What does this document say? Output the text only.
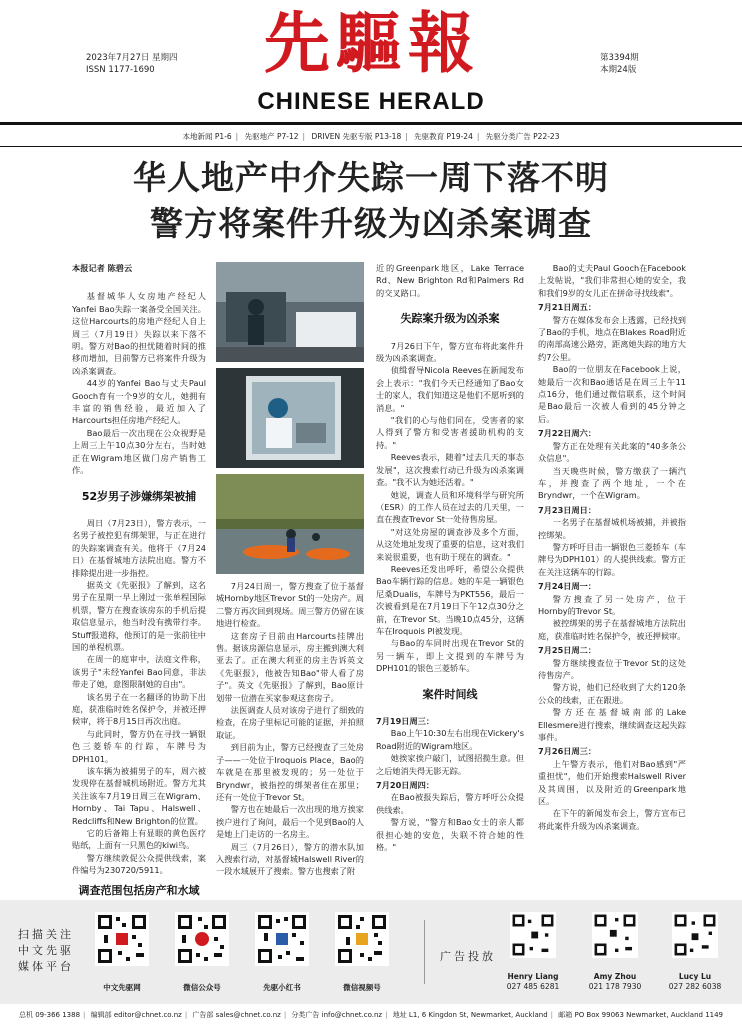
2023年7月27日 星期四
ISSN 1177-1690	先驅報
CHINESE HERALD
第3394期
本期24版
本地新闻 P1-6 | 先驱地产 P7-12 | DRIVEN 先驱专版 P13-18 | 先驱教育 P19-24 | 先驱分类广告 P22-23
华人地产中介失踪一周下落不明
警方将案件升级为凶杀案调查

本报记者 陈碧云

基督城华人女房地产经纪人Yanfei Bao失踪一案备受全国关注。这位Harcourts的房地产经纪人自上周三（7月19日）失踪以来下落不明。警方对Bao的担忧随着时间的推移而增加，目前警方已将案件升级为凶杀案调查。

44岁的Yanfei Bao与丈夫Paul Gooch育有一个9岁的女儿，她拥有丰富的销售经验，最近加入了Harcourts担任房地产经纪人。

Bao最后一次出现在公众视野是上周三上午10点30分左右，当时她正在Wigram地区做门房产销售工作。

52岁男子涉嫌绑架被捕

周日（7月23日），警方表示，一名男子被控犯有绑架罪，与正在进行的失踪案调查有关。他将于（7月24日）在基督城地方法院出庭。警方不排除提出进一步指控。

据英文《先驱报》了解到，这名男子在星期一早上刚过一张单程国际机票，警方在搜查该房东的手机后提取信息显示，他当时没有携带行李。Stuff报道称，他预订的是一张前往中国的单程机票。

在周一的庭审中，法庭文件称，该男子"未经Yanfei Bao同意，非法带走了她，意图限制她的自由"。

该名男子在一名翻译的协助下出庭，获准临时姓名保护令，并被还押候审，将于8月15日再次出庭。

与此同时，警方仍在寻找一辆银色三菱轿车的行踪，车牌号为DPH101。

该车辆为被捕男子的车，周六被发现停在基督城机场附近。警方尤其关注该车7月19日周三在Wigram、Hornby、Tai Tapu、Halswell、Redcliffs和New Brighton的位置。

它的后备箱上有显眼的黄色医疗贴纸，上面有一只黑色的kiwi鸟。

警方继续敦促公众提供线索，案件编号为230720/5911。

调查范围包括房产和水域

7月24日周一，警方搜查了位于基督城Hornby地区Trevor St的一处房产。周二警方再次回到现场。周三警方仍留在该地进行检查。

这套房子目前由Harcourts挂牌出售。据该房源信息显示，房主搬到澳大利亚去了。正在澳大利亚的房主告诉英文《先驱报》，他被告知Bao"带人看了房子"。英文《先驱报》了解到，Bao原计划带一位潜在买家参观这套房子。

法医调查人员对该房子进行了细致的检查，在房子里标记可能的证据，并拍照取证。

到目前为止，警方已经搜查了三处房子——一处位于Iroquois Place，Bao的车就是在那里被发现的；另一处位于Bryndwr，被指控的绑架者住在那里；还有一处位于Trevor St。

警方也在她最后一次出现的地方挨家挨户进行了询问，最后一个见到Bao的人是她上门走访的一名房主。

周三（7月26日），警方的潜水队加入搜索行动，对基督城Halswell River的一段水域展开了搜索。警方也搜索了附

近的Greenpark地区，Lake Terrace Rd、New Brighton Rd和Palmers Rd的交叉路口。

失踪案升级为凶杀案

7月26日下午，警方宣布将此案件升级为凶杀案调查。

侦缉督导Nicola Reeves在新闻发布会上表示："我们今天已经通知了Bao女士的家人，我们知道这是他们不愿听到的消息。"

"我们的心与他们同在，受害者的家人得到了警方和受害者援助机构的支持。"

Reeves表示，随着"过去几天的事态发展"，这次搜索行动已升级为凶杀案调查。"我不认为她还活着。"

她说，调查人员和环境科学与研究所（ESR）的工作人员在过去的几天里，一直在搜查Trevor St一处待售房屋。

"对这处房屋的调查涉及多个方面，从这处地址发现了重要的信息，这对我们来说很重要，也有助于现在的调查。"

Reeves还发出呼吁，希望公众提供Bao车辆行踪的信息。她的车是一辆银色尼桑Dualis，车牌号为PKT556，最后一次被看到是在7月19日下午12点30分之前，在Trevor St。当晚10点45分，这辆车在Iroquois Pl被发现。

与Bao的车同时出现在Trevor St的另一辆车，即上文提到的车牌号为DPH101的银色三菱轿车。

案件时间线

7月19日周三：

Bao上午10:30左右出现在Vickery's Road附近的Wigram地区。

她挨家挨户敲门，试图招揽生意。但之后她消失得无影无踪。

7月20日周四：

在Bao被报失踪后，警方呼吁公众提供线索。

警方说，"警方和Bao女士的亲人都很担心她的安危，失联不符合她的性格。"

Bao的丈夫Paul Gooch在Facebook上发帖说，"我们非常担心她的安全，我和我们9岁的女儿正在拼命寻找线索"。

7月21日周五：

警方在媒体发布会上透露，已经找到了Bao的手机，地点在Blakes Road附近的南部高速公路旁，距离她失踪的地方大约7公里。

Bao的一位朋友在Facebook上说，她最后一次和Bao通话是在周三上午11点16分，他们通过微信联系，这个时间是Bao最后一次被人看到的45分钟之后。

7月22日周六：

警方正在处理有关此案的"40多条公众信息"。

当天晚些时候，警方缴获了一辆汽车，并搜查了两个地址，一个在Bryndwr，一个在Wigram。

7月23日周日：

一名男子在基督城机场被捕，并被指控绑架。

警方呼吁目击一辆银色三菱轿车（车牌号为DPH101）的人提供线索。警方正在关注这辆车的行踪。

7月24日周一：

警方搜查了另一处房产，位于Hornby的Trevor St。

被控绑架的男子在基督城地方法院出庭，获准临时姓名保护令，被还押候审。

7月25日周二：

警方继续搜查位于Trevor St的这处待售房产。

警方说，他们已经收到了大约120条公众的线索，正在跟进。

警方还在基督城南部的Lake Ellesmere进行搜索，继续调查这起失踪事件。

7月26日周三：

上午警方表示，他们对Bao感到"严重担忧"，他们开始搜索Halswell River及其周围，以及附近的Greenpark地区。

在下午的新闻发布会上，警方宣布已将此案件升级为凶杀案调查。

扫描关注中文先驱媒体平台
中文先驱网	微信公众号	先驱小红书	微信视频号
广告投放
Henry Liang
027 485 6281
Amy Zhou
021 178 7930
Lucy Lu
027 282 6038
总机 09-366 1388 | 编辑部 editor@chnet.co.nz | 广告部 sales@chnet.co.nz | 分类广告 info@chnet.co.nz | 地址 L1, 6 Kingdon St, Newmarket, Auckland | 邮箱 PO Box 99063 Newmarket, Auckland 1149
